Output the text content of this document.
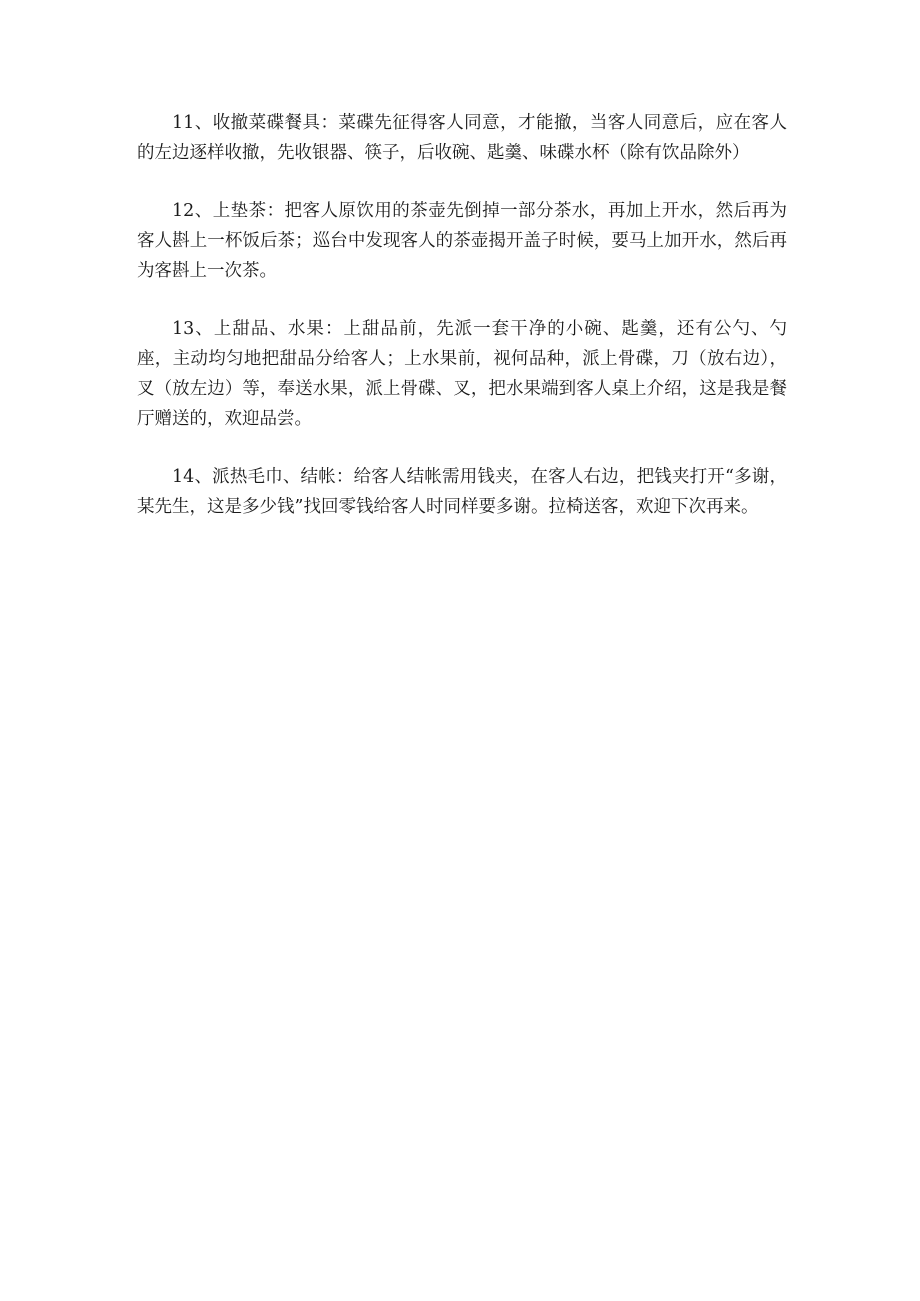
11、收撤菜碟餐具：菜碟先征得客人同意，才能撤，当客人同意后，应在客人的左边逐样收撤，先收银器、筷子，后收碗、匙羹、味碟水杯（除有饮品除外）

12、上垫茶：把客人原饮用的茶壶先倒掉一部分茶水，再加上开水，然后再为客人斟上一杯饭后茶；巡台中发现客人的茶壶揭开盖子时候，要马上加开水，然后再为客斟上一次茶。

13、上甜品、水果：上甜品前，先派一套干净的小碗、匙羹，还有公勺、勺座，主动均匀地把甜品分给客人；上水果前，视何品种，派上骨碟，刀（放右边），叉（放左边）等，奉送水果，派上骨碟、叉，把水果端到客人桌上介绍，这是我是餐厅赠送的，欢迎品尝。

14、派热毛巾、结帐：给客人结帐需用钱夹，在客人右边，把钱夹打开“多谢，某先生，这是多少钱”找回零钱给客人时同样要多谢。拉椅送客，欢迎下次再来。
